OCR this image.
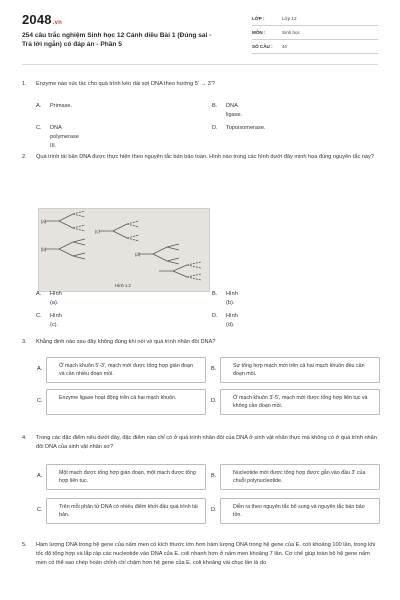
2048.vn
254 câu trắc nghiệm Sinh học 12 Cánh diều Bài 1 (Đúng sai - Trả lời ngắn) có đáp án - Phần 5
LỚP :	Lớp 12
MÔN :	Sinh học
SỐ CÂU :	40
1. Enzyme nào xúc tác cho quá trình kéo dài sợi DNA theo hướng 5' → 3'?
A. Primase.	B. DNA ligase.
C. DNA polymerase III.
D. Topoisomerase.
2. Quá trình tái bản DNA được thực hiện theo nguyên tắc bán bảo toàn. Hình nào trong các hình dưới đây minh họa đúng nguyên tắc này?
(a)
(b)
(c)
(d)
Hình 1.2
A. Hình (a).
B. Hình (b).
C. Hình (c).
D. Hình (d).
3. Khẳng định nào sau đây không đúng khi nói về quá trình nhân đôi DNA?
A.	Ở mạch khuôn 5'-3', mạch mới được tổng hợp gián đoạn và cần nhiều đoạn mồi.
B.	Sự tổng hợp mạch mới trên cả hai mạch khuôn đều cần đoạn mồi.
C.	Enzyme ligase hoạt động trên cả hai mạch khuôn.	D.	Ở mạch khuôn 3'-5', mạch mới được tổng hợp liên tục và không cần đoạn mồi.
4. Trong các đặc điểm nêu dưới đây, đặc điểm nào chỉ có ở quá trình nhân đôi của DNA ở sinh vật nhân thực mà không có ở quá trình nhân đôi DNA của sinh vật nhân sơ?
A.	Một mạch được tổng hợp gián đoạn, một mạch được tổng hợp liên tục.
B.	Nucleotide mới được tổng hợp được gắn vào đầu 3' của chuỗi polynucleotide.
C.	Trên mỗi phân tử DNA có nhiều điểm khởi đầu quá trình tái bản.
D.	Diễn ra theo nguyên tắc bổ sung và nguyên tắc bán bảo tồn.
5. Hàm lượng DNA trong hệ gene của nấm men có kích thước lớn hơn hàm lượng DNA trong hệ gene của E. coli khoảng 100 lần, trong khi tốc độ tổng hợp và lắp ráp các nucleotide vào DNA của E. coli nhanh hơn ở nấm men khoảng 7 lần. Cơ chế giúp toàn bộ hệ gene nấm men có thể sao chép hoàn chỉnh chỉ chậm hơn hệ gene của E. coli khoảng vài chục lần là do
